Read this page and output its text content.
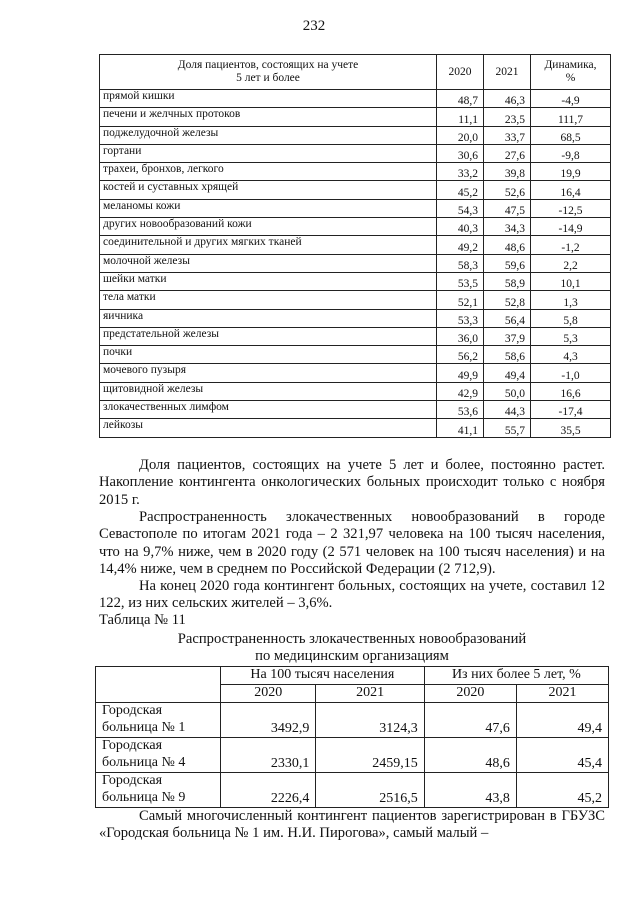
232
Доля пациентов, состоящих на учете
5 лет и более	2020	2021	Динамика,
%
прямой кишки	48,7	46,3	-4,9
печени и желчных протоков	11,1	23,5	111,7
поджелудочной железы	20,0	33,7	68,5
гортани	30,6	27,6	-9,8
трахеи, бронхов, легкого	33,2	39,8	19,9
костей и суставных хрящей	45,2	52,6	16,4
меланомы кожи	54,3	47,5	-12,5
других новообразований кожи	40,3	34,3	-14,9
соединительной и других мягких тканей	49,2	48,6	-1,2
молочной железы	58,3	59,6	2,2
шейки матки	53,5	58,9	10,1
тела матки	52,1	52,8	1,3
яичника	53,3	56,4	5,8
предстательной железы	36,0	37,9	5,3
почки	56,2	58,6	4,3
мочевого пузыря	49,9	49,4	-1,0
щитовидной железы	42,9	50,0	16,6
злокачественных лимфом	53,6	44,3	-17,4
лейкозы	41,1	55,7	35,5
Доля пациентов, состоящих на учете 5 лет и более, постоянно растет. Накопление контингента онкологических больных происходит только с ноября 2015 г.
Распространенность злокачественных новообразований в городе Севастополе по итогам 2021 года – 2 321,97 человека на 100 тысяч населения, что на 9,7% ниже, чем в 2020 году (2 571 человек на 100 тысяч населения) и на 14,4% ниже, чем в среднем по Российской Федерации (2 712,9).
На конец 2020 года контингент больных, состоящих на учете, составил 12 122, из них сельских жителей – 3,6%.
Таблица № 11
Распространенность злокачественных новообразований
по медицинским организациям
	На 100 тысяч населения		Из них более 5 лет, %	
	2020	2021	2020	2021
Городская больница № 1	3492,9	3124,3	47,6	49,4
Городская больница № 4	2330,1	2459,15	48,6	45,4
Городская больница № 9	2226,4	2516,5	43,8	45,2
Самый многочисленный контингент пациентов зарегистрирован в ГБУЗС «Городская больница № 1 им. Н.И. Пирогова», самый малый –
